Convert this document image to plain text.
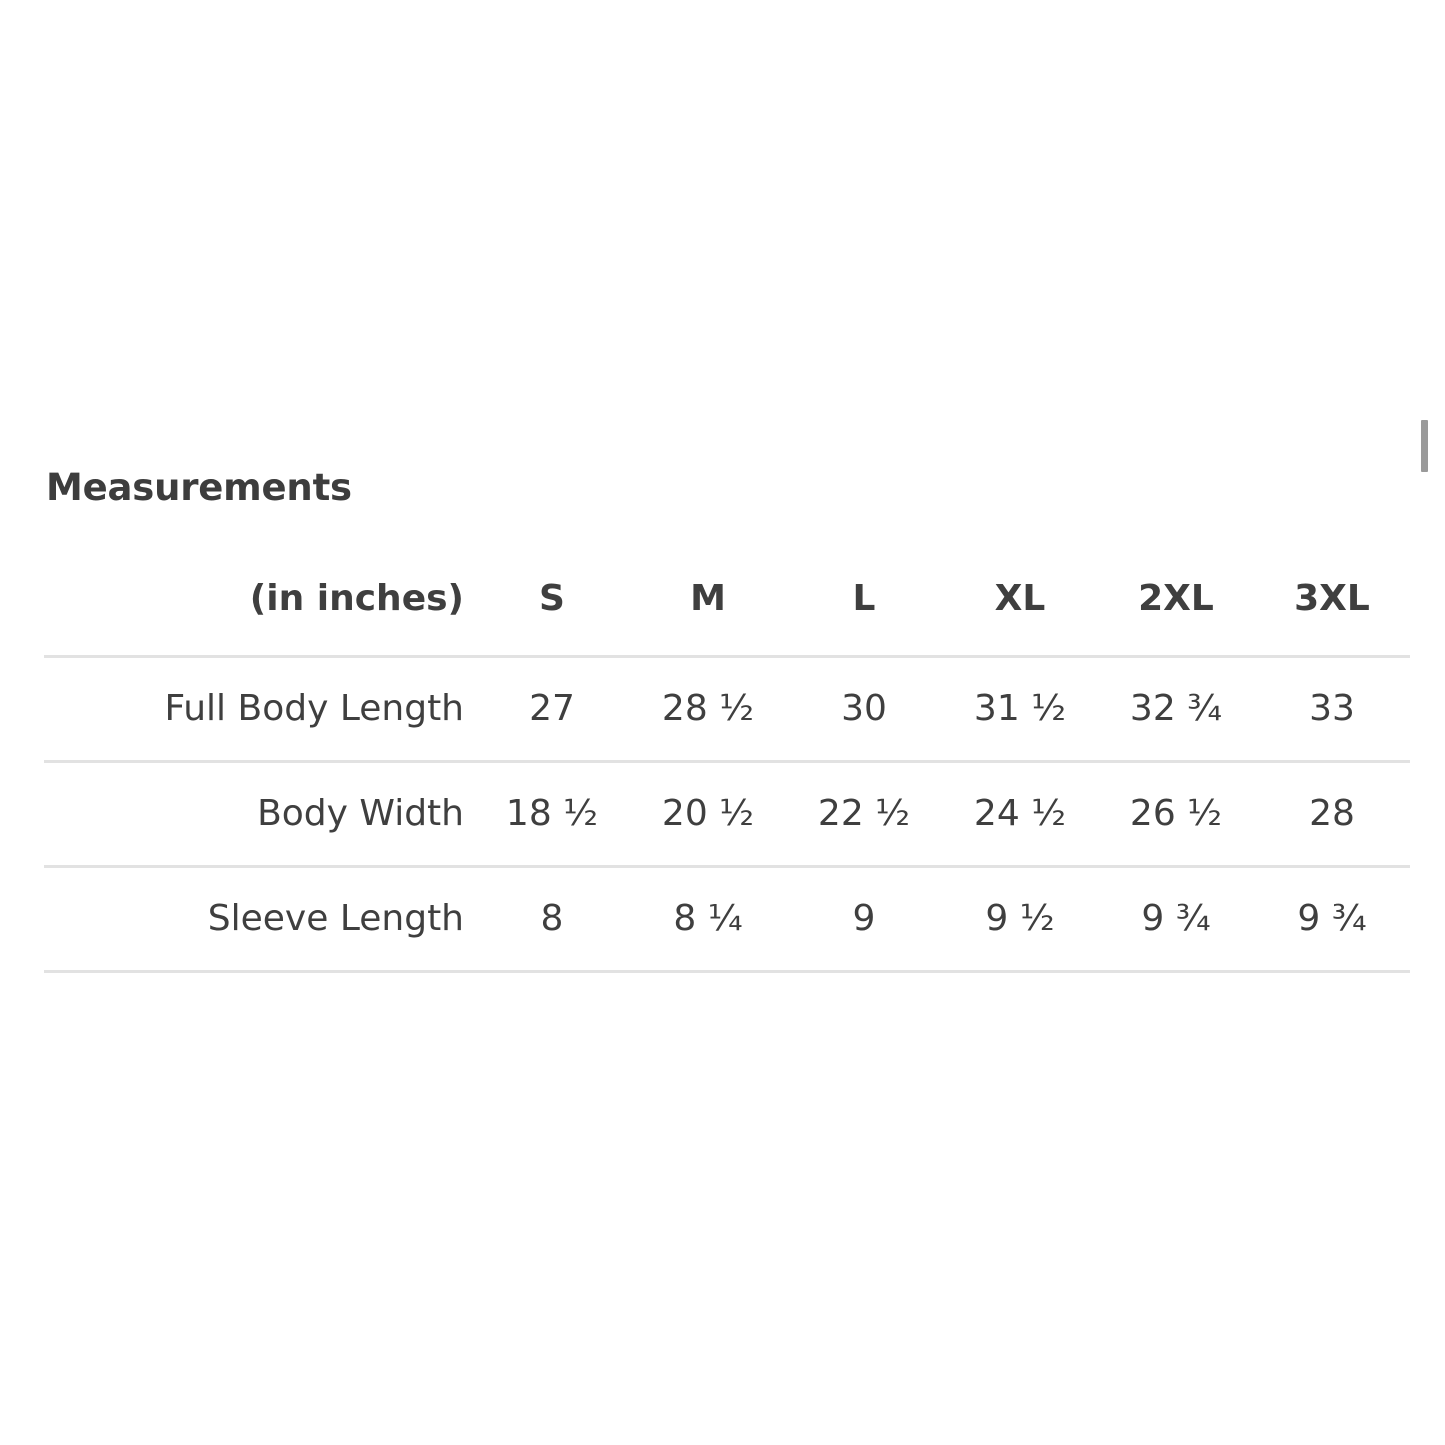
Measurements
(in inches)	S	M	L	XL	2XL	3XL
Full Body Length	27	28 ½	30	31 ½	32 ¾	33
Body Width	18 ½	20 ½	22 ½	24 ½	26 ½	28
Sleeve Length	8	8 ¼	9	9 ½	9 ¾	9 ¾
